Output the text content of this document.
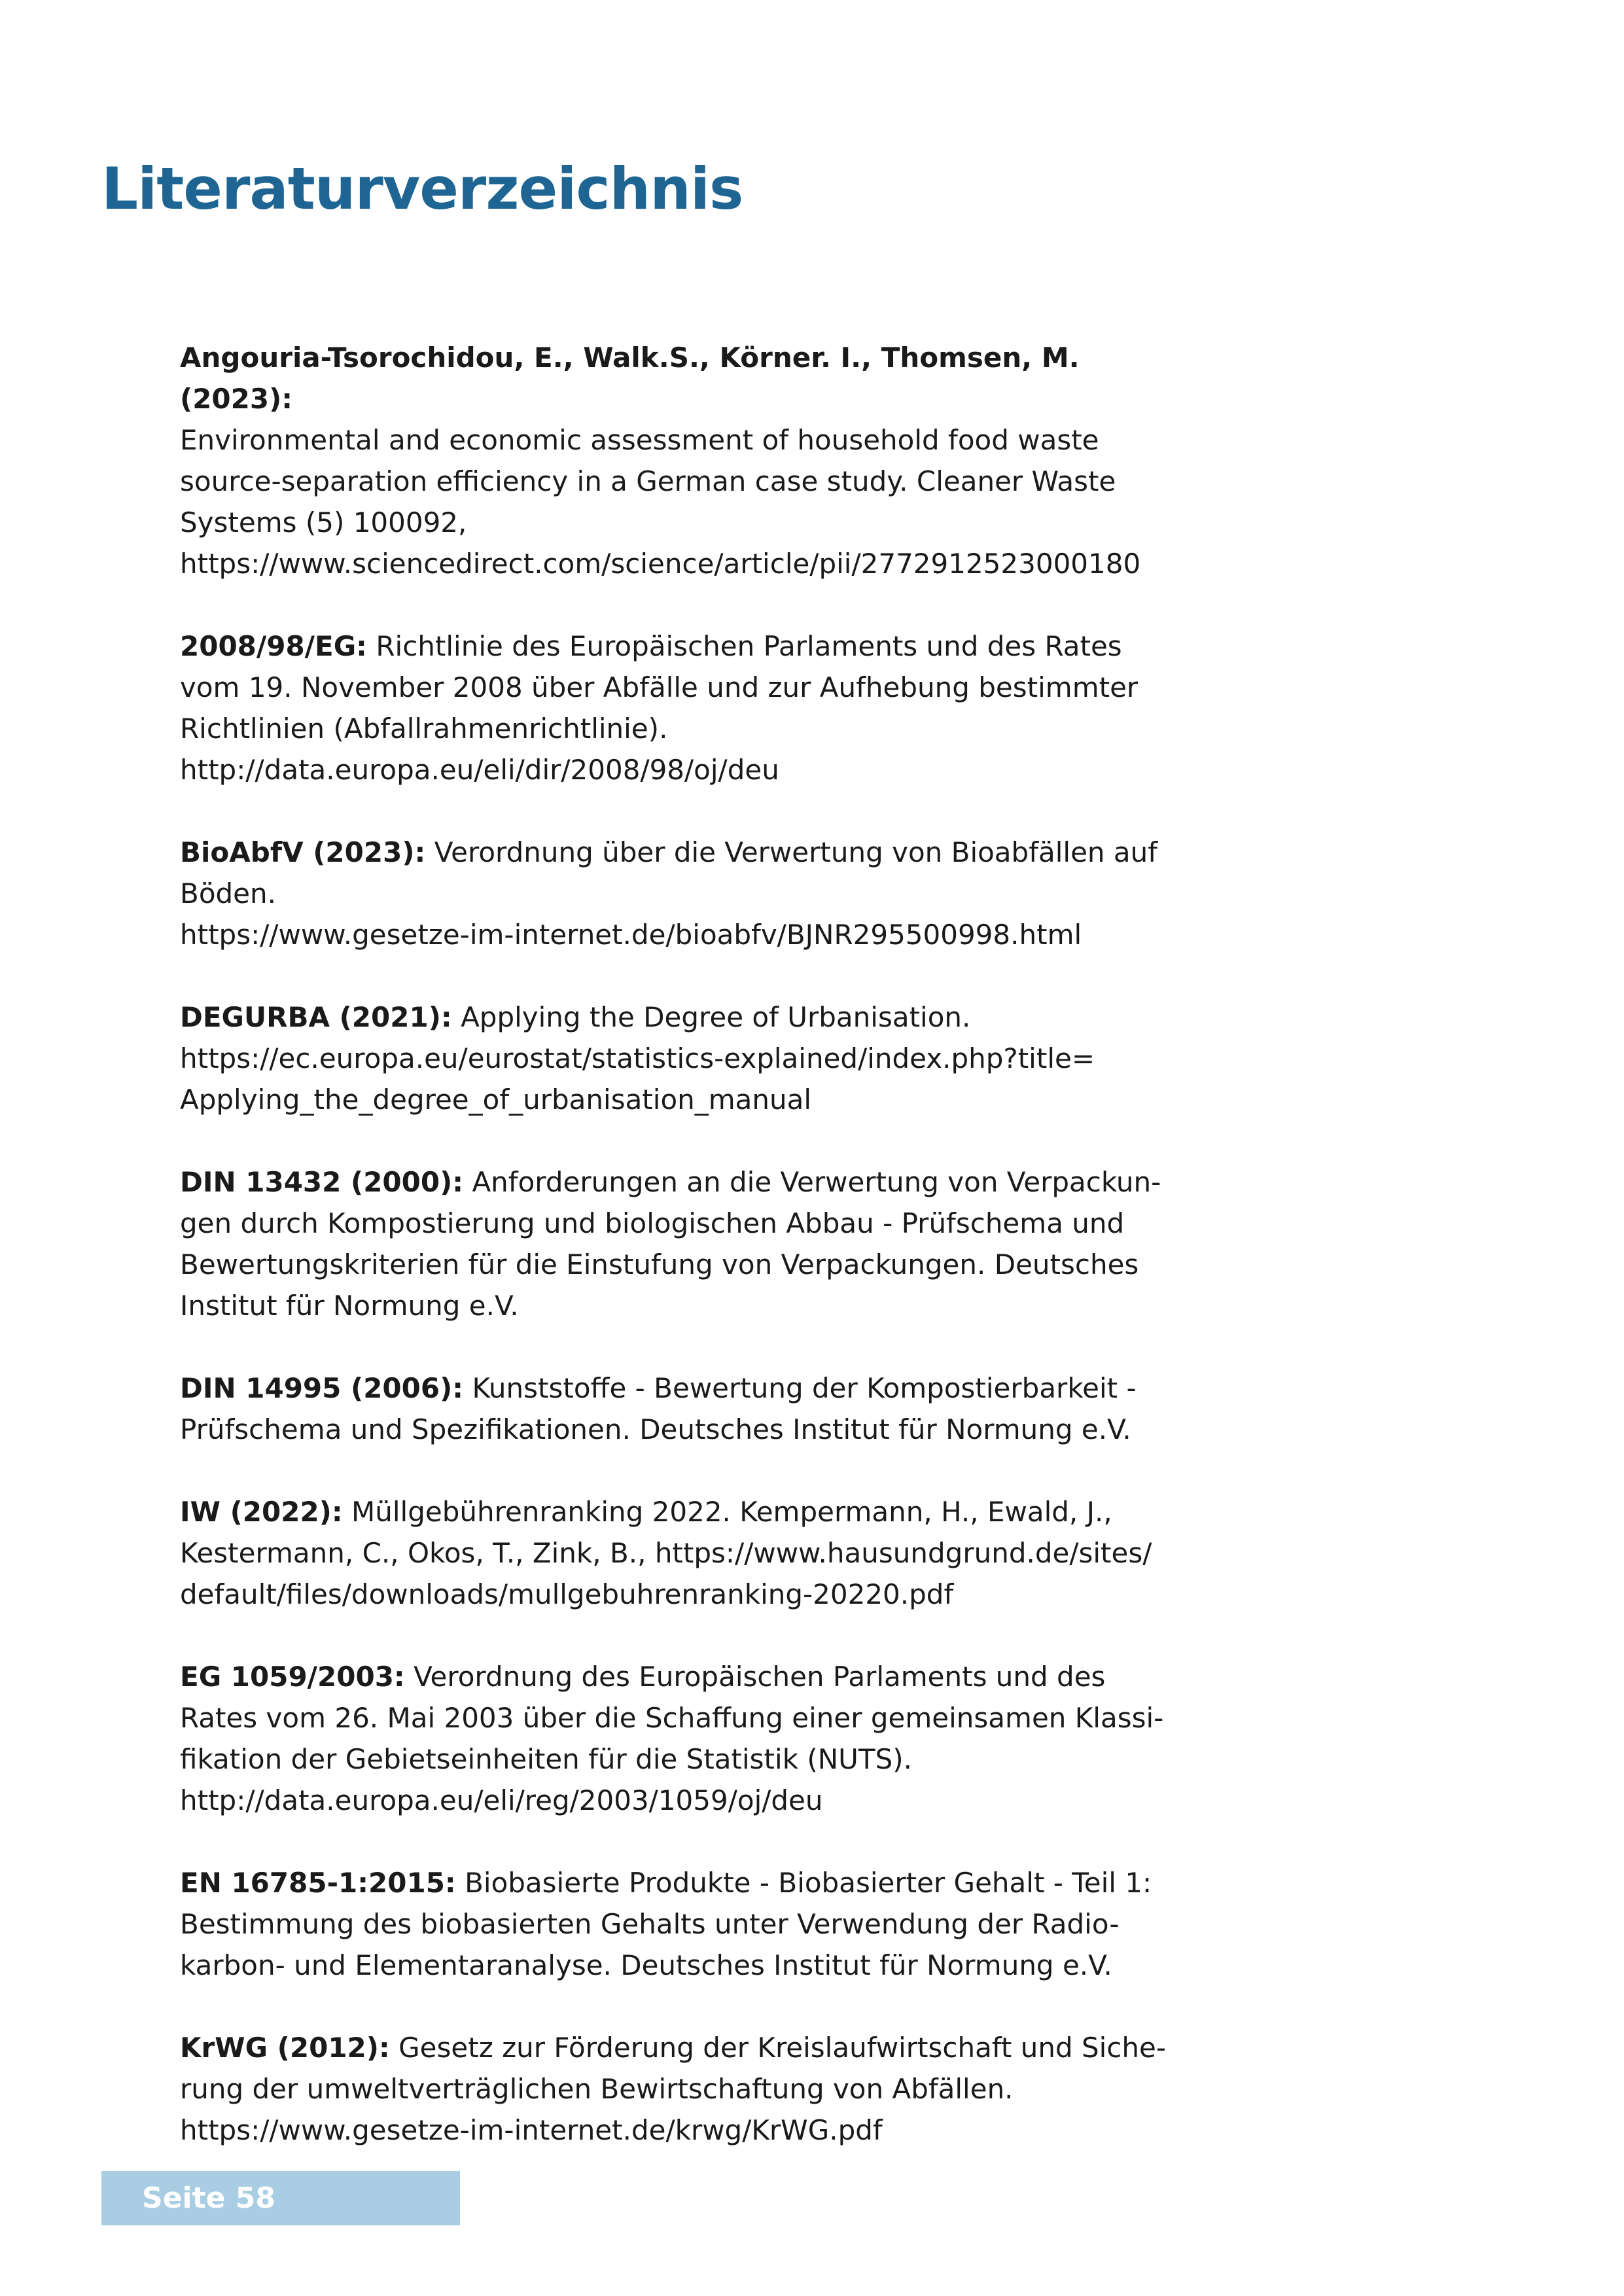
Literaturverzeichnis

Angouria-Tsorochidou, E., Walk.S., Körner. I., Thomsen, M. (2023):
Environmental and economic assessment of household food waste
source-separation efficiency in a German case study. Cleaner Waste
Systems (5) 100092,
https://www.sciencedirect.com/science/article/pii/2772912523000180

2008/98/EG: Richtlinie des Europäischen Parlaments und des Rates
vom 19. November 2008 über Abfälle und zur Aufhebung bestimmter
Richtlinien (Abfallrahmenrichtlinie).
http://data.europa.eu/eli/dir/2008/98/oj/deu

BioAbfV (2023): Verordnung über die Verwertung von Bioabfällen auf
Böden.
https://www.gesetze-im-internet.de/bioabfv/BJNR295500998.html

DEGURBA (2021): Applying the Degree of Urbanisation.
https://ec.europa.eu/eurostat/statistics-explained/index.php?title=
Applying_the_degree_of_urbanisation_manual

DIN 13432 (2000): Anforderungen an die Verwertung von Verpackun-
gen durch Kompostierung und biologischen Abbau - Prüfschema und
Bewertungskriterien für die Einstufung von Verpackungen. Deutsches
Institut für Normung e.V.

DIN 14995 (2006): Kunststoffe - Bewertung der Kompostierbarkeit -
Prüfschema und Spezifikationen. Deutsches Institut für Normung e.V.

IW (2022): Müllgebührenranking 2022. Kempermann, H., Ewald, J.,
Kestermann, C., Okos, T., Zink, B., https://www.hausundgrund.de/sites/
default/files/downloads/mullgebuhrenranking-20220.pdf

EG 1059/2003: Verordnung des Europäischen Parlaments und des
Rates vom 26. Mai 2003 über die Schaffung einer gemeinsamen Klassi-
fikation der Gebietseinheiten für die Statistik (NUTS).
http://data.europa.eu/eli/reg/2003/1059/oj/deu

EN 16785-1:2015: Biobasierte Produkte - Biobasierter Gehalt - Teil 1:
Bestimmung des biobasierten Gehalts unter Verwendung der Radio-
karbon- und Elementaranalyse. Deutsches Institut für Normung e.V.

KrWG (2012): Gesetz zur Förderung der Kreislaufwirtschaft und Siche-
rung der umweltverträglichen Bewirtschaftung von Abfällen.
https://www.gesetze-im-internet.de/krwg/KrWG.pdf

Seite 58
